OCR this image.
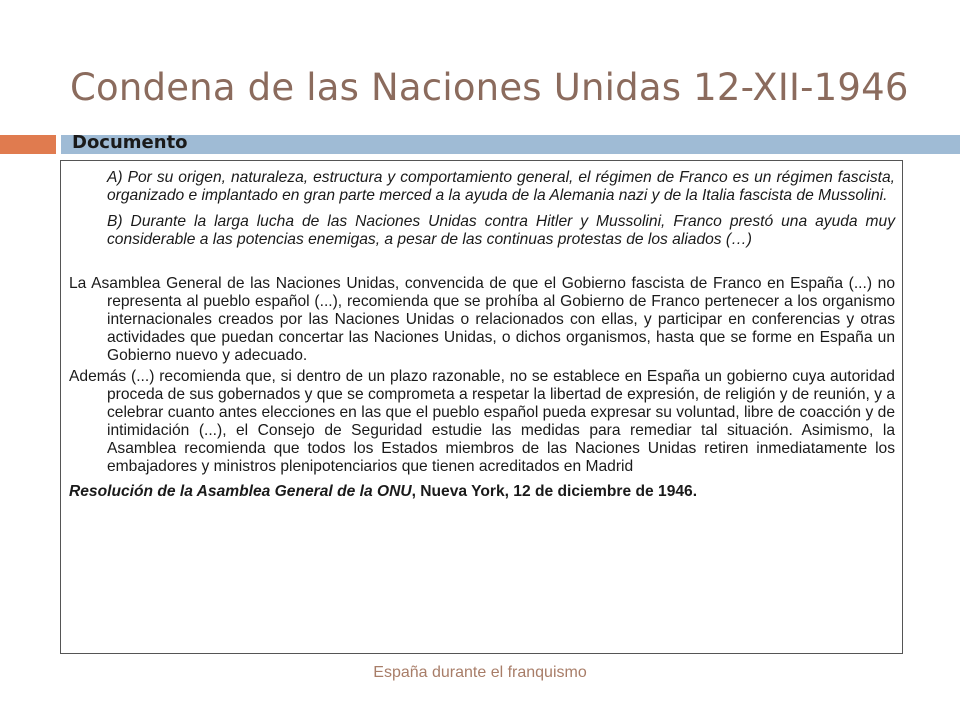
Condena de las Naciones Unidas 12-XII-1946
Documento

A) Por su origen, naturaleza, estructura y comportamiento general, el régimen de Franco es un régimen fascista, organizado e implantado en gran parte merced a la ayuda de la Alemania nazi y de la Italia fascista de Mussolini.

B) Durante la larga lucha de las Naciones Unidas contra Hitler y Mussolini, Franco prestó una ayuda muy considerable a las potencias enemigas, a pesar de las continuas protestas de los aliados (…)

La Asamblea General de las Naciones Unidas, convencida de que el Gobierno fascista de Franco en España (...) no representa al pueblo español (...), recomienda que se prohíba al Gobierno de Franco pertenecer a los organismo internacionales creados por las Naciones Unidas o relacionados con ellas, y participar en conferencias y otras actividades que puedan concertar las Naciones Unidas, o dichos organismos, hasta que se forme en España un Gobierno nuevo y adecuado.

Además (...) recomienda que, si dentro de un plazo razonable, no se establece en España un gobierno cuya autoridad proceda de sus gobernados y que se comprometa a respetar la libertad de expresión, de religión y de reunión, y a celebrar cuanto antes elecciones en las que el pueblo español pueda expresar su voluntad, libre de coacción y de intimidación (...), el Consejo de Seguridad estudie las medidas para remediar tal situación. Asimismo, la Asamblea recomienda que todos los Estados miembros de las Naciones Unidas retiren inmediatamente los embajadores y ministros plenipotenciarios que tienen acreditados en Madrid

Resolución de la Asamblea General de la ONU, Nueva York, 12 de diciembre de 1946.
España durante el franquismo
